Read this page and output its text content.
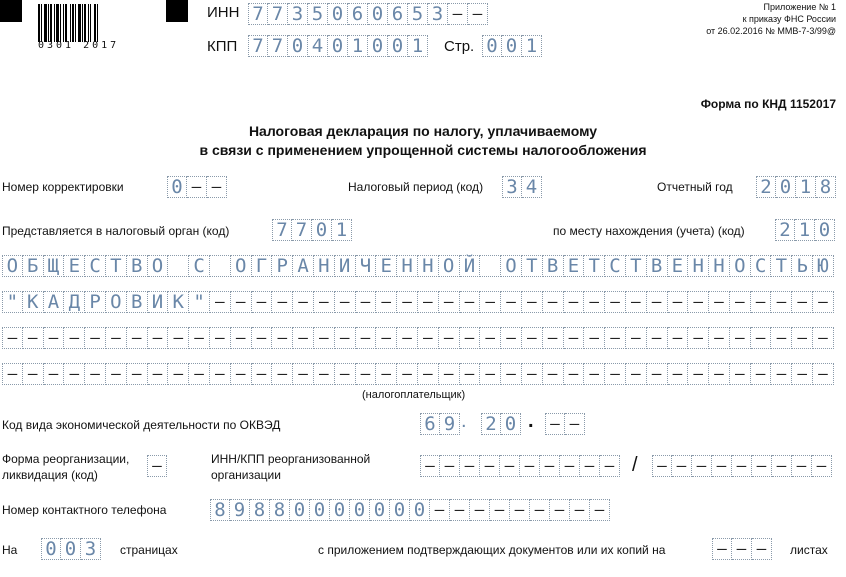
0301 2017
ИНН 7 7 3 5 0 6 0 6 5 3 – –
КПП 7 7 0 4 0 1 0 0 1	Стр. 0 0 1
Приложение № 1
к приказу ФНС России
от 26.02.2016 № ММВ-7-3/99@
Форма по КНД 1152017
Налоговая декларация по налогу, уплачиваемому
в связи с применением упрощенной системы налогообложения
Номер корректировки	0 – –	Налоговый период (код) 3 4	Отчетный год 2 0 1 8
Представляется в налоговый орган (код) 7 7 0 1	по месту нахождения (учета) (код) 2 1 0
О Б Щ Е С Т В О
С
О Г Р А Н И Ч Е Н Н О Й
О Т В Е Т С Т В Е Н Н О С Т Ь Ю
" К А Д Р О В И К " – – – – – – – – – – – – – – – – – – – – – – – – – – – – – –
– – – – – – – – – – – – – – – – – – – – – – – – – – – – – – – – – – – – – – – –
– – – – – – – – – – – – – – – – – – – – – – – – – – – – – – – – – – – – – – – –
(налогоплательщик)
Код вида экономической деятельности по ОКВЭД	6 9 . 2 0 .	– –
Форма реорганизации,
ликвидация (код)	–	ИНН/КПП реорганизованной
организации	– – – – – – – – – – /	– – – – – – – – –
Номер контактного телефона	8 9 8 8 0 0 0 0 0 0 0 – – – – – – – – –
На 0 0 3	страницах	с приложением подтверждающих документов или их копий на	– – –	листах
